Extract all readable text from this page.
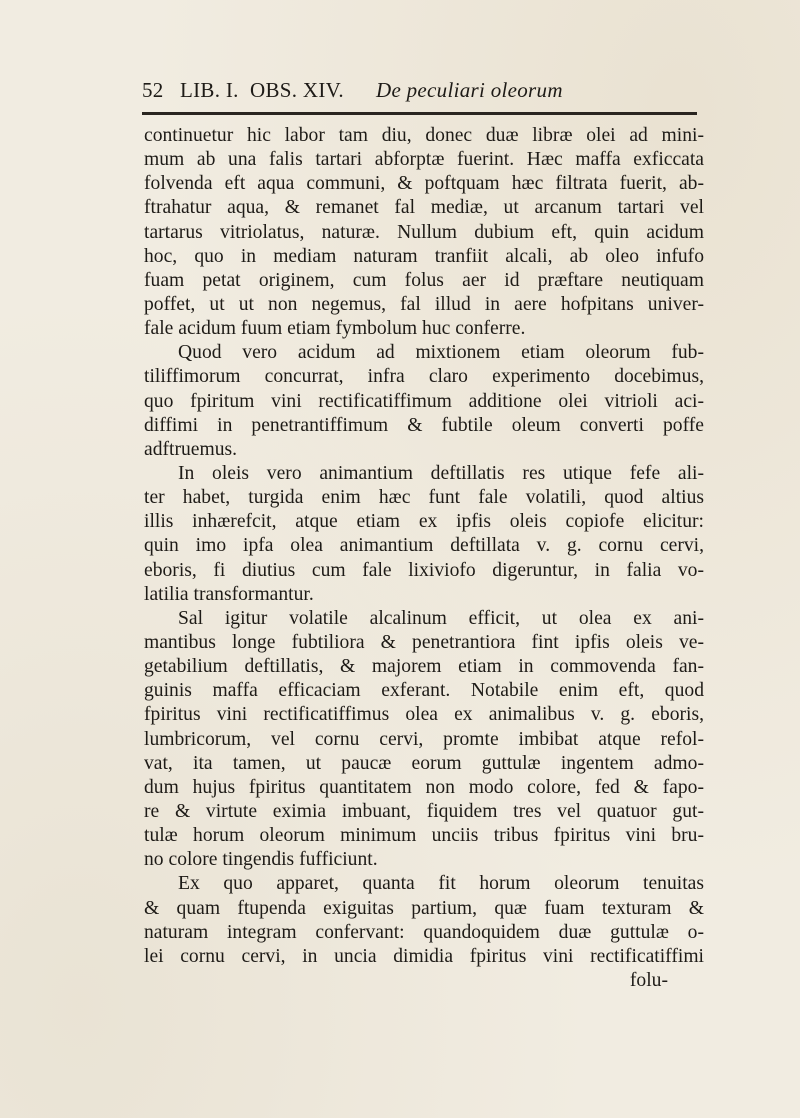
52 LIB. I. OBS. XIV. De peculiari oleorum
continuetur hic labor tam diu, donec duæ libræ olei ad mini-
mum ab una falis tartari abforptæ fuerint. Hæc maffa exficcata
folvenda eft aqua communi, & poftquam hæc filtrata fuerit, ab-
ftrahatur aqua, & remanet fal mediæ, ut arcanum tartari vel
tartarus vitriolatus, naturæ. Nullum dubium eft, quin acidum
hoc, quo in mediam naturam tranfiit alcali, ab oleo infufo
fuam petat originem, cum folus aer id præftare neutiquam
poffet, ut ut non negemus, fal illud in aere hofpitans univer-
fale acidum fuum etiam fymbolum huc conferre.
Quod vero acidum ad mixtionem etiam oleorum fub-
tiliffimorum concurrat, infra claro experimento docebimus,
quo fpiritum vini rectificatiffimum additione olei vitrioli aci-
diffimi in penetrantiffimum & fubtile oleum converti poffe
adftruemus.
In oleis vero animantium deftillatis res utique fefe ali-
ter habet, turgida enim hæc funt fale volatili, quod altius
illis inhærefcit, atque etiam ex ipfis oleis copiofe elicitur:
quin imo ipfa olea animantium deftillata v. g. cornu cervi,
eboris, fi diutius cum fale lixiviofo digeruntur, in falia vo-
latilia transformantur.
Sal igitur volatile alcalinum efficit, ut olea ex ani-
mantibus longe fubtiliora & penetrantiora fint ipfis oleis ve-
getabilium deftillatis, & majorem etiam in commovenda fan-
guinis maffa efficaciam exferant. Notabile enim eft, quod
fpiritus vini rectificatiffimus olea ex animalibus v. g. eboris,
lumbricorum, vel cornu cervi, promte imbibat atque refol-
vat, ita tamen, ut paucæ eorum guttulæ ingentem admo-
dum hujus fpiritus quantitatem non modo colore, fed & fapo-
re & virtute eximia imbuant, fiquidem tres vel quatuor gut-
tulæ horum oleorum minimum unciis tribus fpiritus vini bru-
no colore tingendis fufficiunt.
Ex quo apparet, quanta fit horum oleorum tenuitas
& quam ftupenda exiguitas partium, quæ fuam texturam &
naturam integram confervant: quandoquidem duæ guttulæ o-
lei cornu cervi, in uncia dimidia fpiritus vini rectificatiffimi
folu-
